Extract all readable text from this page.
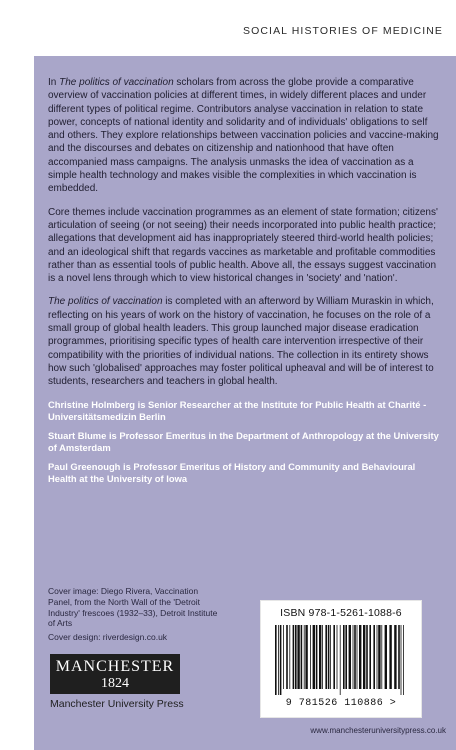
SOCIAL HISTORIES OF MEDICINE

In The politics of vaccination scholars from across the globe provide a comparative overview of vaccination policies at different times, in widely different places and under different types of political regime. Contributors analyse vaccination in relation to state power, concepts of national identity and solidarity and of individuals' obligations to self and others. They explore relationships between vaccination policies and vaccine-making and the discourses and debates on citizenship and nationhood that have often accompanied mass campaigns. The analysis unmasks the idea of vaccination as a simple health technology and makes visible the complexities in which vaccination is embedded.

Core themes include vaccination programmes as an element of state formation; citizens' articulation of seeing (or not seeing) their needs incorporated into public health practice; allegations that development aid has inappropriately steered third-world health policies; and an ideological shift that regards vaccines as marketable and profitable commodities rather than as essential tools of public health. Above all, the essays suggest vaccination is a novel lens through which to view historical changes in 'society' and 'nation'.

The politics of vaccination is completed with an afterword by William Muraskin in which, reflecting on his years of work on the history of vaccination, he focuses on the role of a small group of global health leaders. This group launched major disease eradication programmes, prioritising specific types of health care intervention irrespective of their compatibility with the priorities of individual nations. The collection in its entirety shows how such 'globalised' approaches may foster political upheaval and will be of interest to students, researchers and teachers in global health.

Christine Holmberg is Senior Researcher at the Institute for Public Health at Charité - Universitätsmedizin Berlin

Stuart Blume is Professor Emeritus in the Department of Anthropology at the University of Amsterdam

Paul Greenough is Professor Emeritus of History and Community and Behavioural Health at the University of Iowa

Cover image: Diego Rivera, Vaccination Panel, from the North Wall of the 'Detroit Industry' frescoes (1932–33), Detroit Institute of Arts

Cover design: riverdesign.co.uk

MANCHESTER
1824
Manchester University Press
ISBN 978-1-5261-1088-6
9 781526 110886 >
www.manchesteruniversitypress.co.uk
